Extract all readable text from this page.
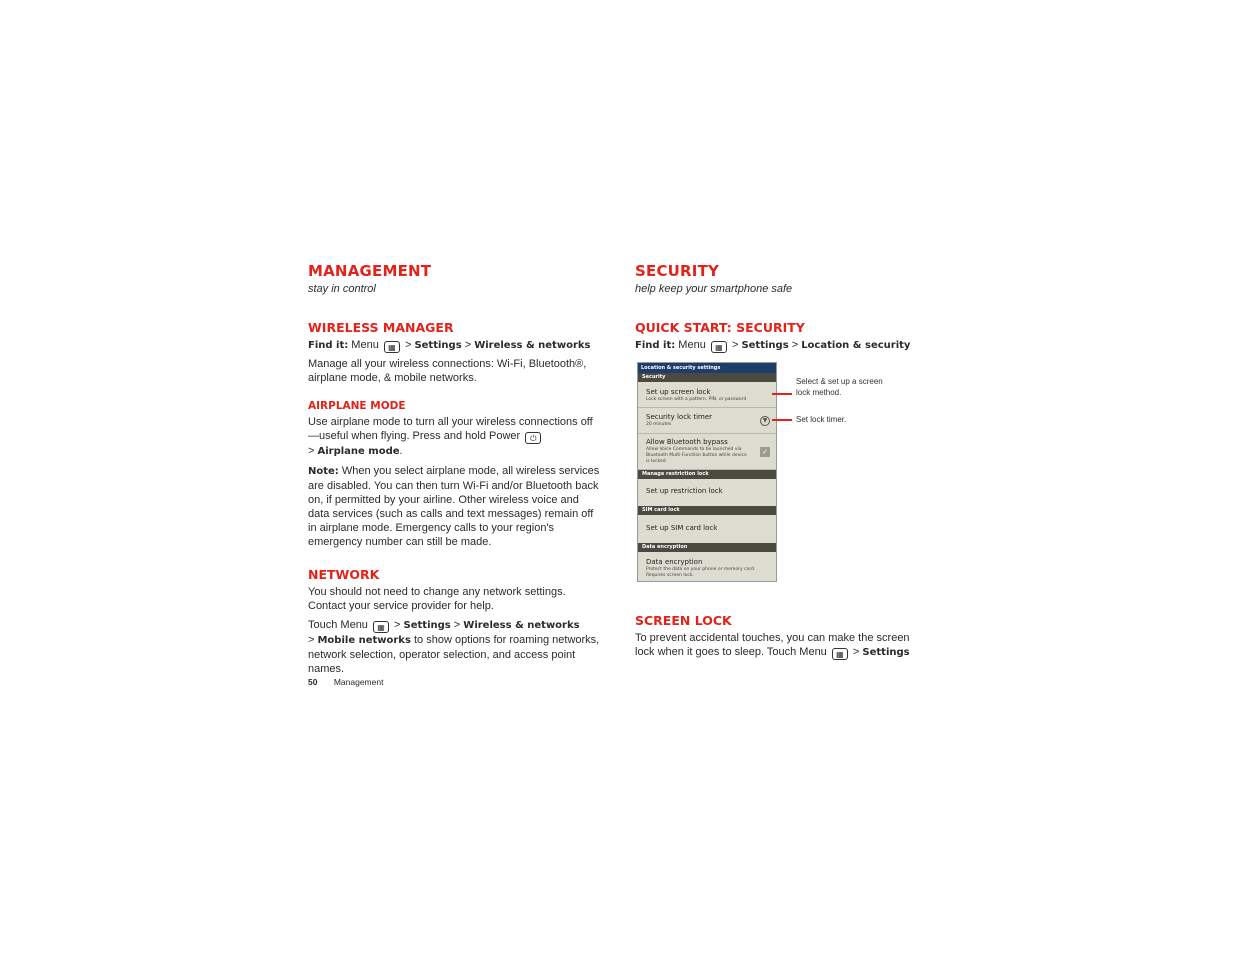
MANAGEMENT
stay in control
WIRELESS MANAGER

Find it: Menu ▦ > Settings > Wireless & networks

Manage all your wireless connections: Wi-Fi, Bluetooth®, airplane mode, & mobile networks.

AIRPLANE MODE

Use airplane mode to turn all your wireless connections off—useful when flying. Press and hold Power ⏻
> Airplane mode.

Note: When you select airplane mode, all wireless services are disabled. You can then turn Wi-Fi and/or Bluetooth back on, if permitted by your airline. Other wireless voice and data services (such as calls and text messages) remain off in airplane mode. Emergency calls to your region's emergency number can still be made.

NETWORK

You should not need to change any network settings. Contact your service provider for help.

Touch Menu ▦ > Settings > Wireless & networks
> Mobile networks to show options for roaming networks, network selection, operator selection, and access point names.

SECURITY
help keep your smartphone safe
QUICK START: SECURITY

Find it: Menu ▦ > Settings > Location & security

Location & security settings
Security
Set up screen lock
Lock screen with a pattern, PIN, or password
Security lock timer
20 minutes
▼
Allow Bluetooth bypass
Allow Voice Commands to be launched via Bluetooth Multi-Function button while device is locked
✓
Manage restriction lock
Set up restriction lock
SIM card lock
Set up SIM card lock
Data encryption
Data encryption
Protect the data on your phone or memory card. Requires screen lock.
Select & set up a screen lock method.
Set lock timer.
SCREEN LOCK

To prevent accidental touches, you can make the screen lock when it goes to sleep. Touch Menu ▦ > Settings

50 Management
